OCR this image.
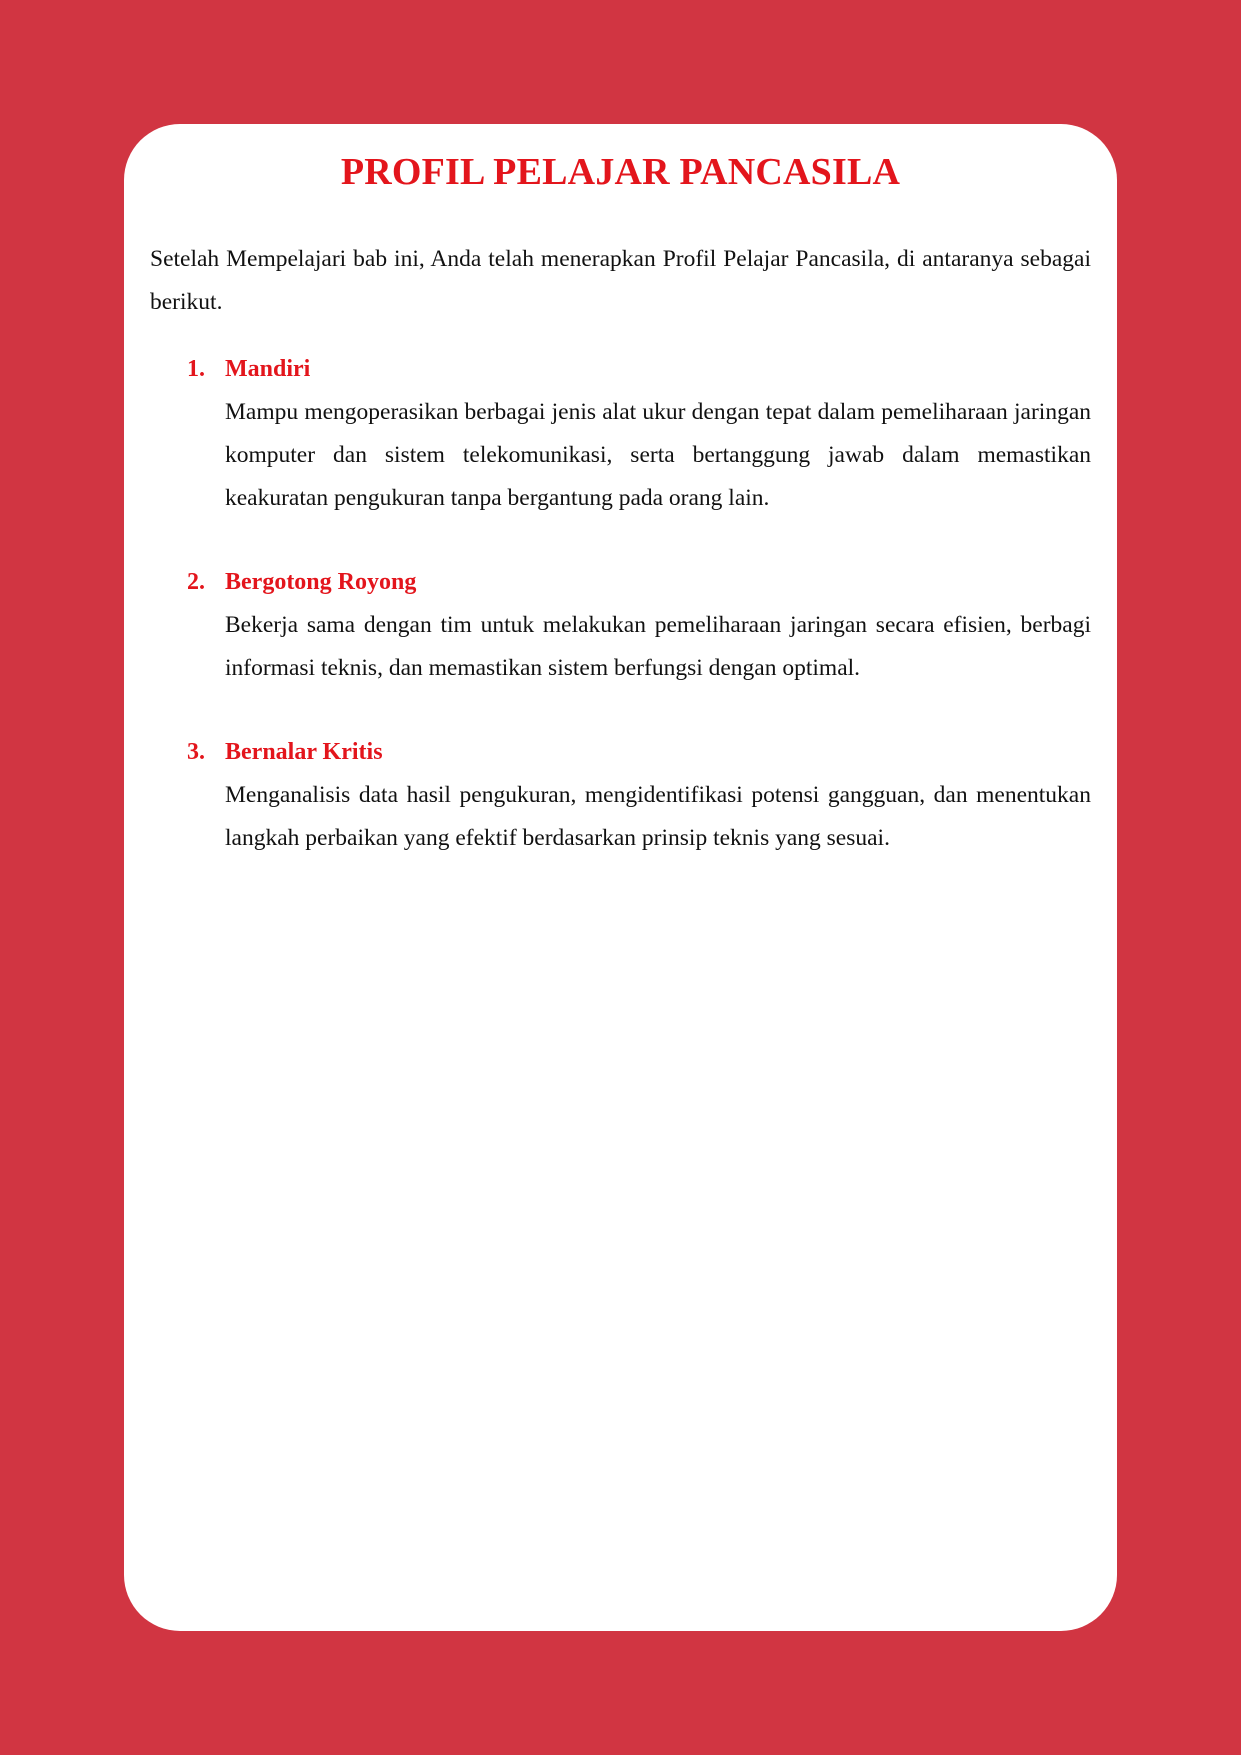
PROFIL PELAJAR PANCASILA

Setelah Mempelajari bab ini, Anda telah menerapkan Profil Pelajar Pancasila, di antaranya sebagai berikut.

1. Mandiri

Mampu mengoperasikan berbagai jenis alat ukur dengan tepat dalam pemeliharaan jaringan komputer dan sistem telekomunikasi, serta bertanggung jawab dalam memastikan keakuratan pengukuran tanpa bergantung pada orang lain.

2. Bergotong Royong

Bekerja sama dengan tim untuk melakukan pemeliharaan jaringan secara efisien, berbagi informasi teknis, dan memastikan sistem berfungsi dengan optimal.

3. Bernalar Kritis

Menganalisis data hasil pengukuran, mengidentifikasi potensi gangguan, dan menentukan langkah perbaikan yang efektif berdasarkan prinsip teknis yang sesuai.
